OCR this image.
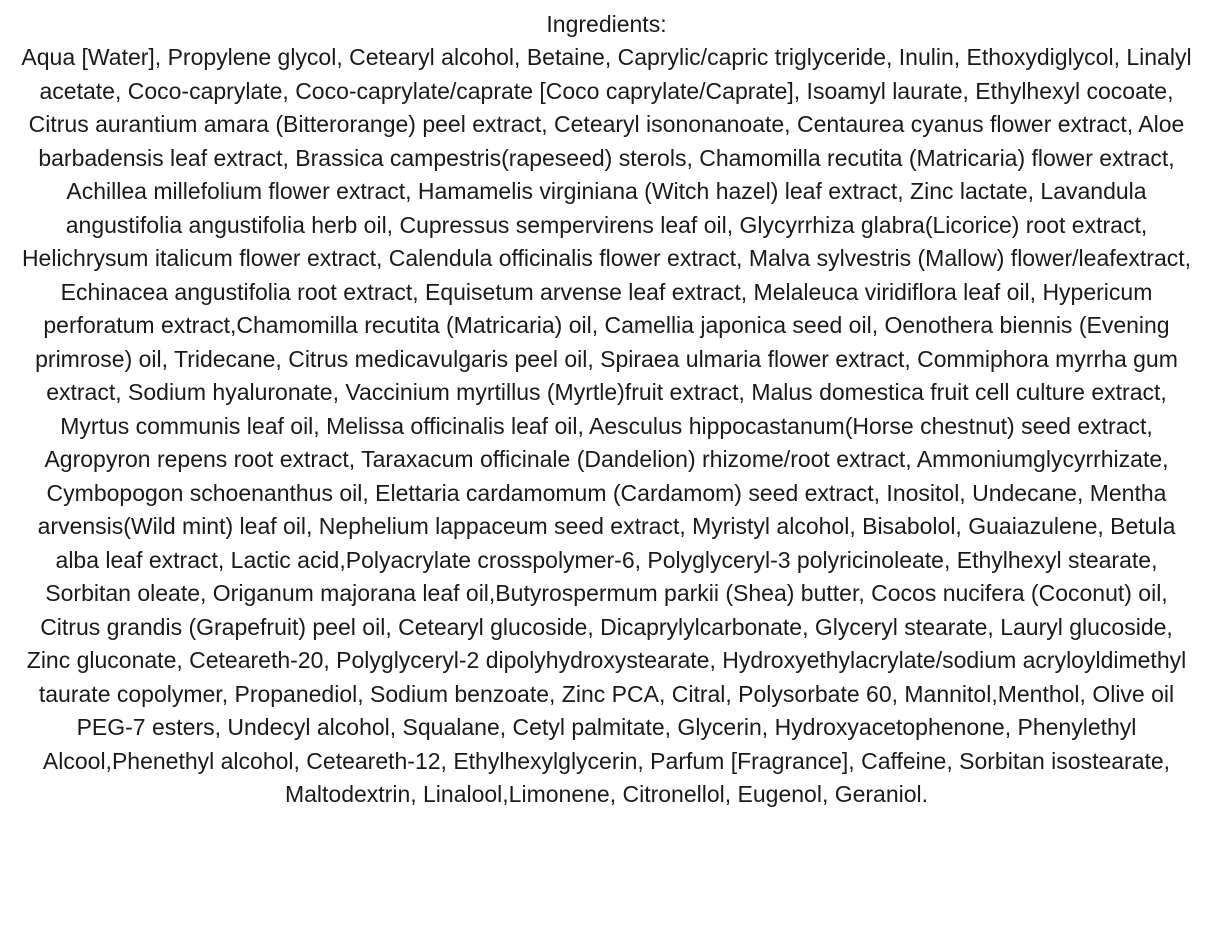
Ingredients:
Aqua [Water], Propylene glycol, Cetearyl alcohol, Betaine, Caprylic/capric triglyceride, Inulin, Ethoxydiglycol, Linalyl acetate, Coco-caprylate, Coco-caprylate/caprate [Coco caprylate/Caprate], Isoamyl laurate, Ethylhexyl cocoate, Citrus aurantium amara (Bitterorange) peel extract, Cetearyl isononanoate, Centaurea cyanus flower extract, Aloe barbadensis leaf extract, Brassica campestris(rapeseed) sterols, Chamomilla recutita (Matricaria) flower extract, Achillea millefolium flower extract, Hamamelis virginiana (Witch hazel) leaf extract, Zinc lactate, Lavandula angustifolia angustifolia herb oil, Cupressus sempervirens leaf oil, Glycyrrhiza glabra(Licorice) root extract, Helichrysum italicum flower extract, Calendula officinalis flower extract, Malva sylvestris (Mallow) flower/leafextract, Echinacea angustifolia root extract, Equisetum arvense leaf extract, Melaleuca viridiflora leaf oil, Hypericum perforatum extract,Chamomilla recutita (Matricaria) oil, Camellia japonica seed oil, Oenothera biennis (Evening primrose) oil, Tridecane, Citrus medicavulgaris peel oil, Spiraea ulmaria flower extract, Commiphora myrrha gum extract, Sodium hyaluronate, Vaccinium myrtillus (Myrtle)fruit extract, Malus domestica fruit cell culture extract, Myrtus communis leaf oil, Melissa officinalis leaf oil, Aesculus hippocastanum(Horse chestnut) seed extract, Agropyron repens root extract, Taraxacum officinale (Dandelion) rhizome/root extract, Ammoniumglycyrrhizate, Cymbopogon schoenanthus oil, Elettaria cardamomum (Cardamom) seed extract, Inositol, Undecane, Mentha arvensis(Wild mint) leaf oil, Nephelium lappaceum seed extract, Myristyl alcohol, Bisabolol, Guaiazulene, Betula alba leaf extract, Lactic acid,Polyacrylate crosspolymer-6, Polyglyceryl-3 polyricinoleate, Ethylhexyl stearate, Sorbitan oleate, Origanum majorana leaf oil,Butyrospermum parkii (Shea) butter, Cocos nucifera (Coconut) oil, Citrus grandis (Grapefruit) peel oil, Cetearyl glucoside, Dicaprylylcarbonate, Glyceryl stearate, Lauryl glucoside, Zinc gluconate, Ceteareth-20, Polyglyceryl-2 dipolyhydroxystearate, Hydroxyethylacrylate/sodium acryloyldimethyl taurate copolymer, Propanediol, Sodium benzoate, Zinc PCA, Citral, Polysorbate 60, Mannitol,Menthol, Olive oil PEG-7 esters, Undecyl alcohol, Squalane, Cetyl palmitate, Glycerin, Hydroxyacetophenone, Phenylethyl Alcool,Phenethyl alcohol, Ceteareth-12, Ethylhexylglycerin, Parfum [Fragrance], Caffeine, Sorbitan isostearate, Maltodextrin, Linalool,Limonene, Citronellol, Eugenol, Geraniol.
